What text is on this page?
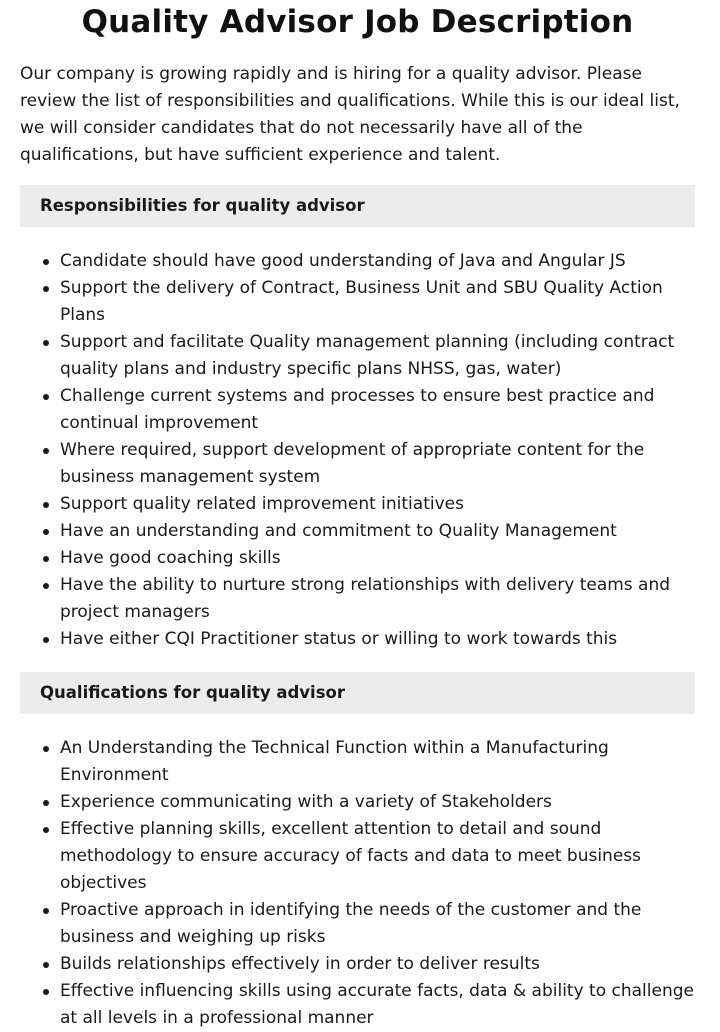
Quality Advisor Job Description

Our company is growing rapidly and is hiring for a quality advisor. Please review the list of responsibilities and qualifications. While this is our ideal list, we will consider candidates that do not necessarily have all of the qualifications, but have sufficient experience and talent.

Responsibilities for quality advisor
Candidate should have good understanding of Java and Angular JS
Support the delivery of Contract, Business Unit and SBU Quality Action Plans
Support and facilitate Quality management planning (including contract quality plans and industry specific plans NHSS, gas, water)
Challenge current systems and processes to ensure best practice and continual improvement
Where required, support development of appropriate content for the business management system
Support quality related improvement initiatives
Have an understanding and commitment to Quality Management
Have good coaching skills
Have the ability to nurture strong relationships with delivery teams and project managers
Have either CQI Practitioner status or willing to work towards this
Qualifications for quality advisor
An Understanding the Technical Function within a Manufacturing Environment
Experience communicating with a variety of Stakeholders
Effective planning skills, excellent attention to detail and sound methodology to ensure accuracy of facts and data to meet business objectives
Proactive approach in identifying the needs of the customer and the business and weighing up risks
Builds relationships effectively in order to deliver results
Effective influencing skills using accurate facts, data & ability to challenge at all levels in a professional manner
